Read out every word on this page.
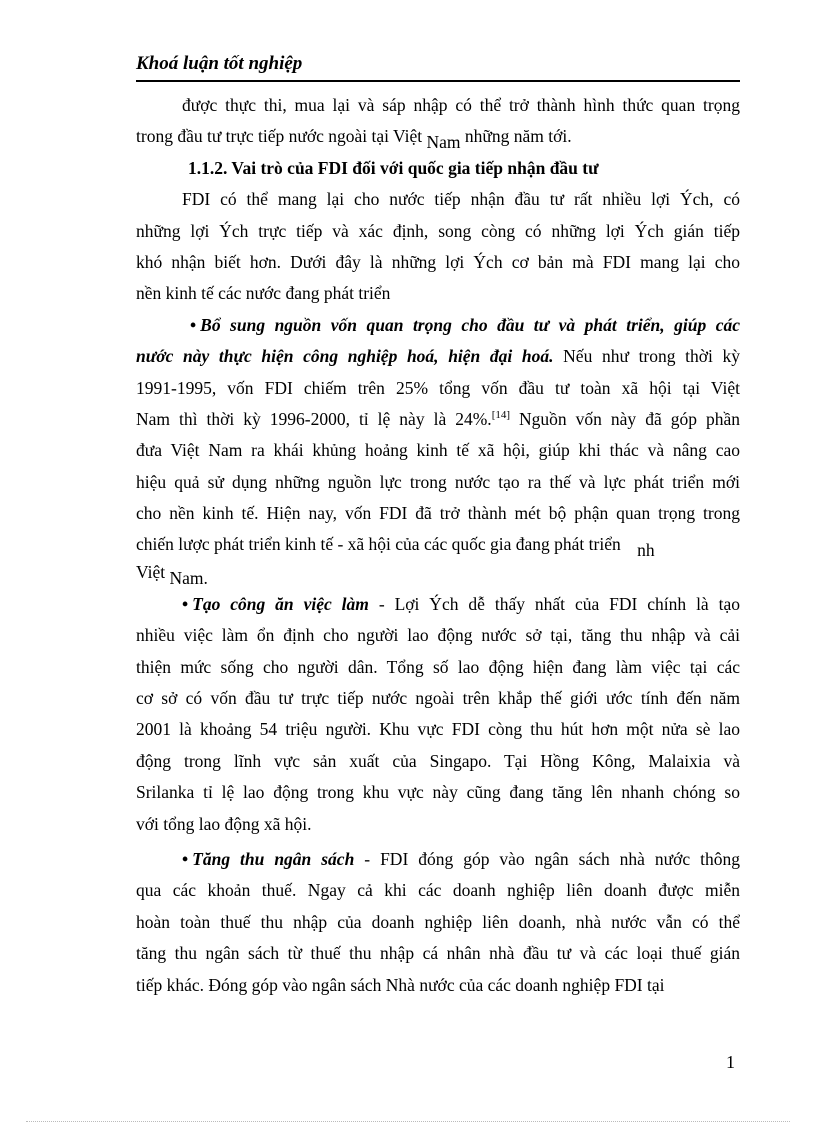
Khoá luận tốt nghiệp
được thực thi, mua lại và sáp nhập có thể trở thành hình thức quan trọng
trong đầu tư trực tiếp nước ngoài tại Việt Nam những năm tới.
1.1.2. Vai trò của FDI đối với quốc gia tiếp nhận đầu tư
FDI có thể mang lại cho nước tiếp nhận đầu tư rất nhiều lợi Ých, có
những lợi Ých trực tiếp và xác định, song còng có những lợi Ých gián tiếp
khó nhận biết hơn. Dưới đây là những lợi Ých cơ bản mà FDI mang lại cho
nền kinh tế các nước đang phát triển
• Bổ sung nguồn vốn quan trọng cho đầu tư và phát triển, giúp các
nước này thực hiện công nghiệp hoá, hiện đại hoá. Nếu như trong thời kỳ
1991-1995, vốn FDI chiếm trên 25% tổng vốn đầu tư toàn xã hội tại Việt
Nam thì thời kỳ 1996-2000, tỉ lệ này là 24%.[14] Nguồn vốn này đã góp phần
đưa Việt Nam ra khái khủng hoảng kinh tế xã hội, giúp khi thác và nâng cao
hiệu quả sử dụng những nguồn lực trong nước tạo ra thế và lực phát triển mới
cho nền kinh tế. Hiện nay, vốn FDI đã trở thành mét bộ phận quan trọng trong
chiến lược phát triển kinh tế - xã hội của các quốc gia đang phát triển nh
Việt Nam.
• Tạo công ăn việc làm - Lợi Ých dễ thấy nhất của FDI chính là tạo
nhiều việc làm ổn định cho người lao động nước sở tại, tăng thu nhập và cải
thiện mức sống cho người dân. Tổng số lao động hiện đang làm việc tại các
cơ sở có vốn đầu tư trực tiếp nước ngoài trên khắp thế giới ước tính đến năm
2001 là khoảng 54 triệu người. Khu vực FDI còng thu hút hơn một nửa sè lao
động trong lĩnh vực sản xuất của Singapo. Tại Hồng Kông, Malaixia và
Srilanka tỉ lệ lao động trong khu vực này cũng đang tăng lên nhanh chóng so
với tổng lao động xã hội.
• Tăng thu ngân sách - FDI đóng góp vào ngân sách nhà nước thông
qua các khoản thuế. Ngay cả khi các doanh nghiệp liên doanh được miễn
hoàn toàn thuế thu nhập của doanh nghiệp liên doanh, nhà nước vẫn có thể
tăng thu ngân sách từ thuế thu nhập cá nhân nhà đầu tư và các loại thuế gián
tiếp khác. Đóng góp vào ngân sách Nhà nước của các doanh nghiệp FDI tại
1
